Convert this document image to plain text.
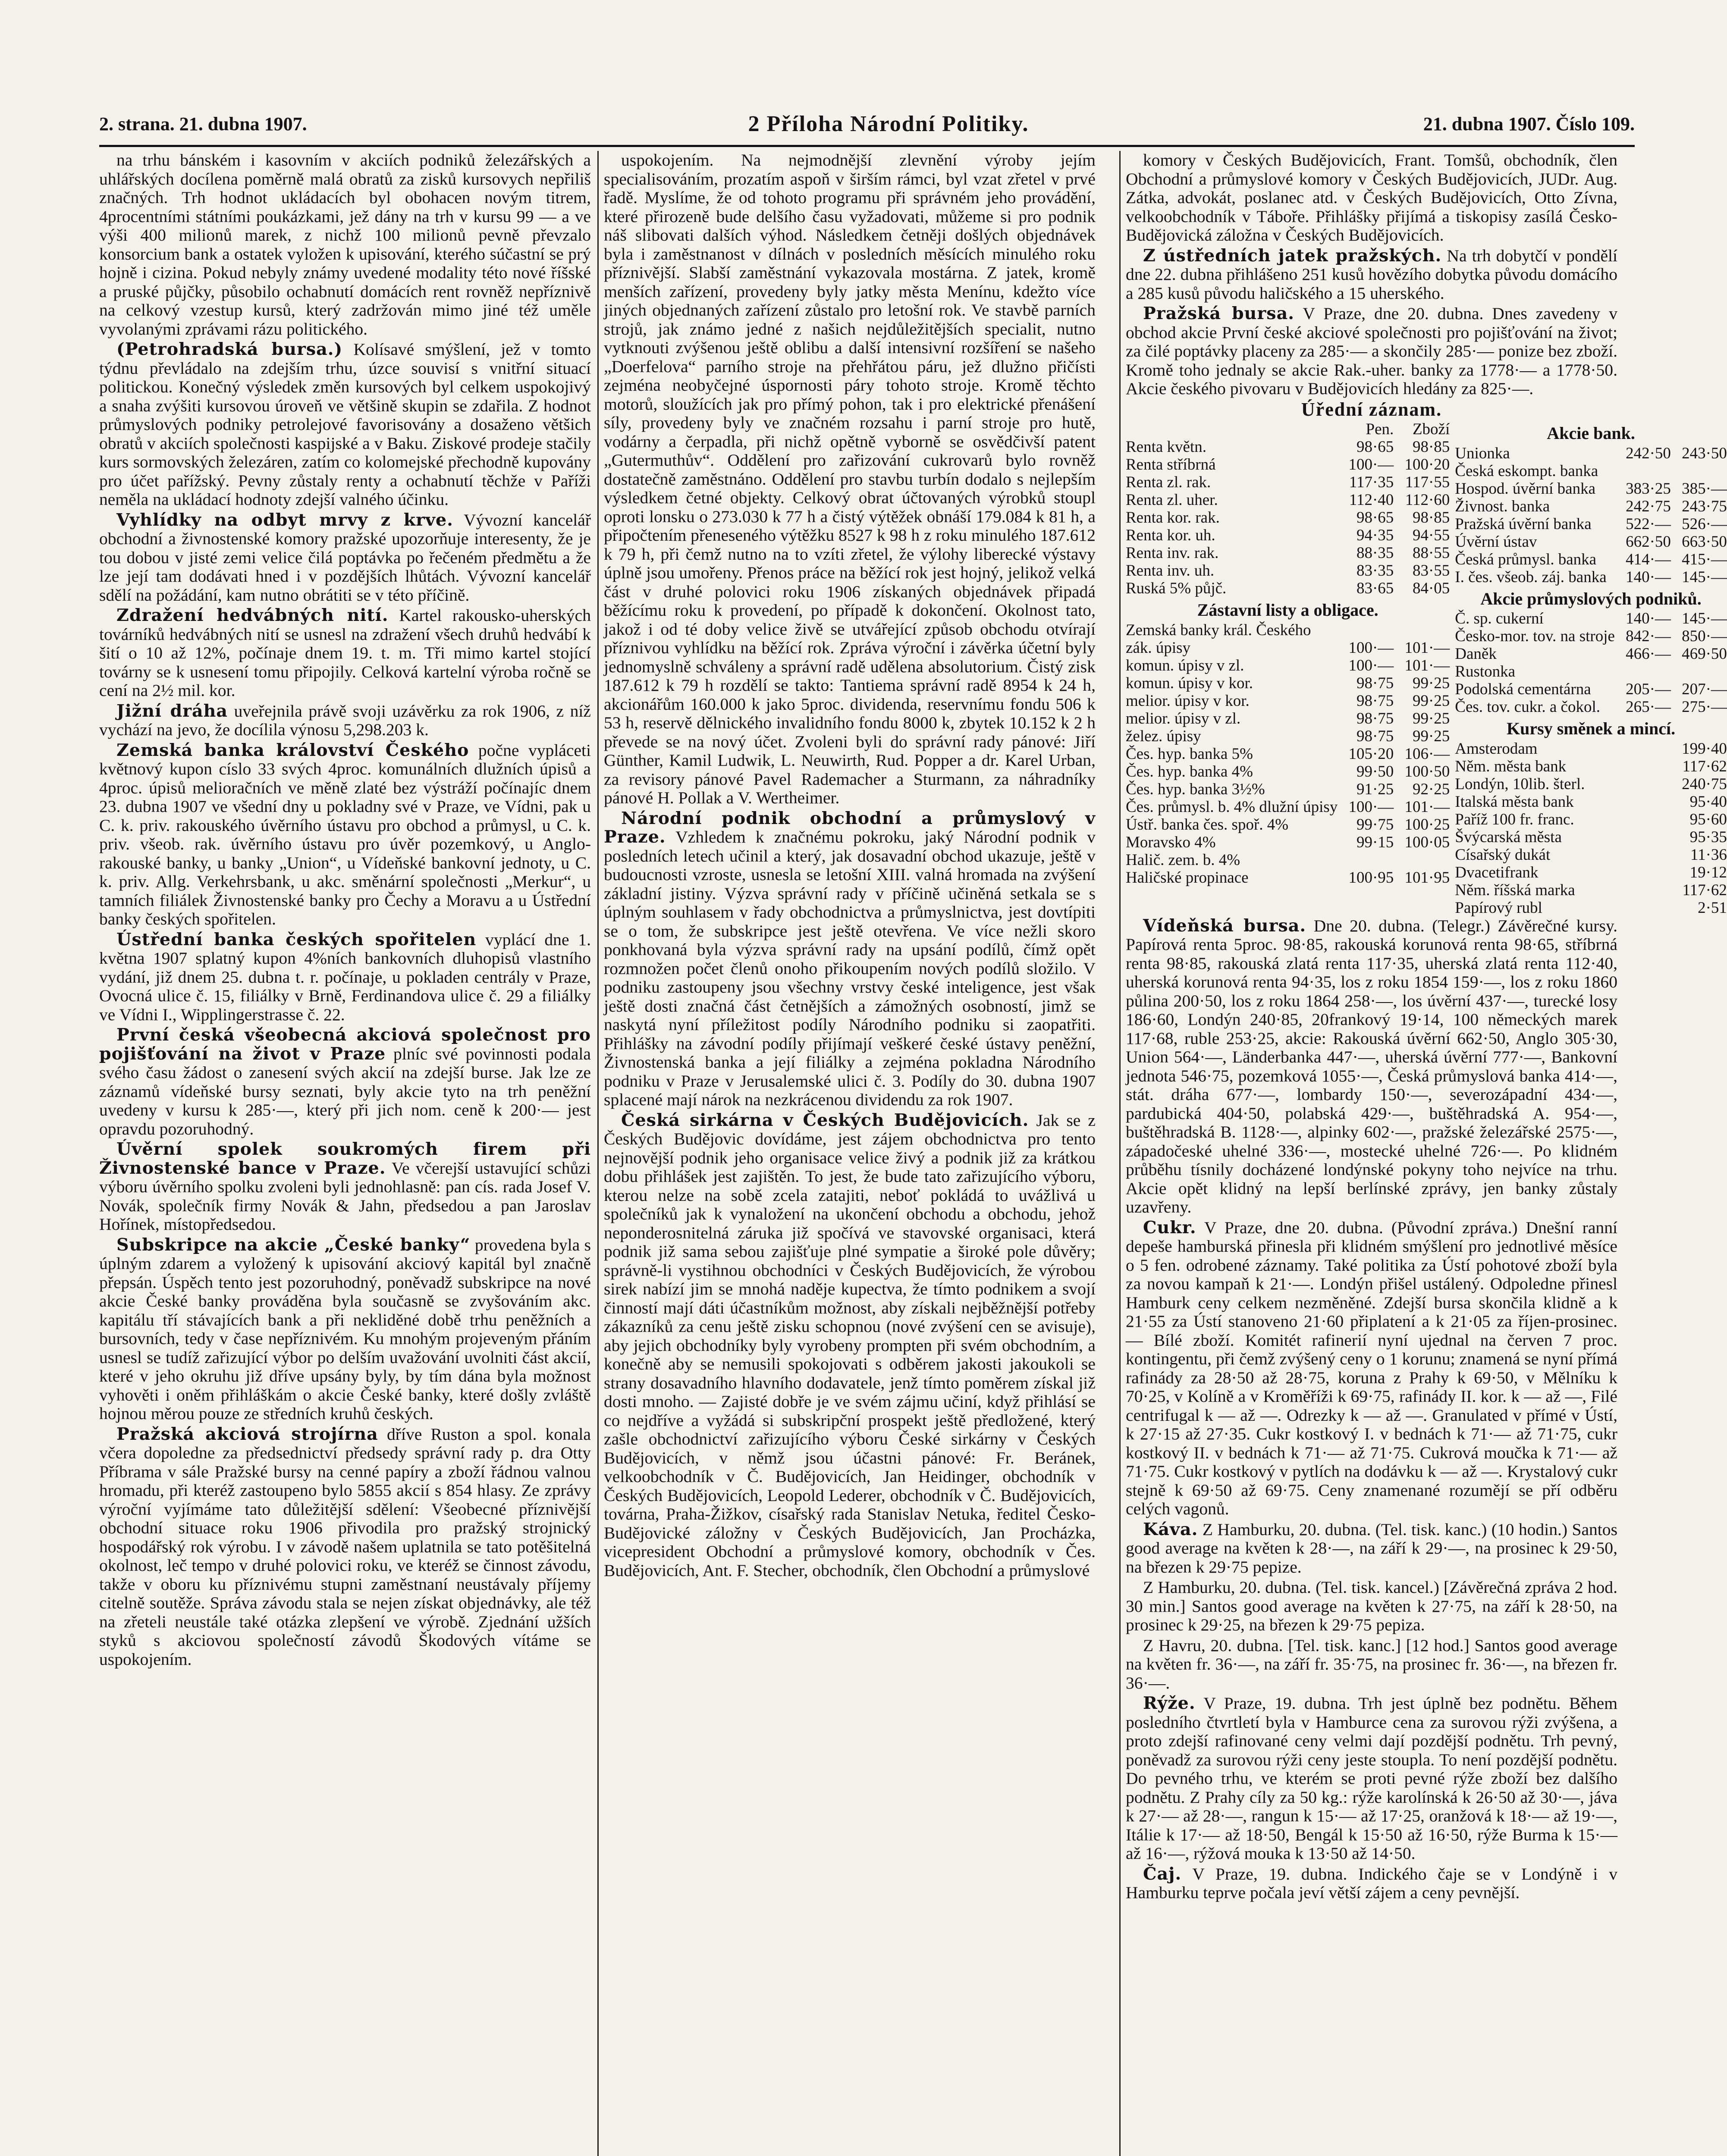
2. strana. 21. dubna 1907.	2 Příloha Národní Politiky.	21. dubna 1907. Číslo 109.

na trhu bánském i kasovním v akciích podniků železářských a uhlářských docílena poměrně malá obratů za zisků kursovych nepřiliš značných. Trh hodnot ukládacích byl obohacen novým titrem, 4procentními státními poukázkami, jež dány na trh v kursu 99 — a ve výši 400 milionů marek, z nichž 100 milionů pevně převzalo konsorcium bank a ostatek vyložen k upisování, kterého súčastní se prý hojně i cizina. Pokud nebyly známy uvedené modality této nové říšské a pruské půjčky, působilo ochabnutí domácích rent rovněž nepříznivě na celkový vzestup kursů, který zadržován mimo jiné též uměle vyvolanými zprávami rázu politického.

(Petrohradská bursa.) Kolísavé smýšlení, jež v tomto týdnu převládalo na zdejším trhu, úzce souvisí s vnitřní situací politickou. Konečný výsledek změn kursových byl celkem uspokojivý a snaha zvýšiti kursovou úroveň ve většině skupin se zdařila. Z hodnot průmyslových podniky petrolejové favorisovány a dosaženo většich obratů v akciích společnosti kaspijské a v Baku. Ziskové prodeje stačily kurs sormovských železáren, zatím co kolomejské přechodně kupovány pro účet pařížský. Pevny zůstaly renty a ochabnutí těchže v Paříži neměla na ukládací hodnoty zdejší valného účinku.

Vyhlídky na odbyt mrvy z krve. Vývozní kancelář obchodní a živnostenské komory pražské upozorňuje interesenty, že je tou dobou v jisté zemi velice čilá poptávka po řečeném předmětu a že lze její tam dodávati hned i v pozdějších lhůtách. Vývozní kancelář sdělí na požádání, kam nutno obrátiti se v této příčině.

Zdražení hedvábných nití. Kartel rakousko-uherských továrníků hedvábných nití se usnesl na zdražení všech druhů hedvábí k šití o 10 až 12%, počínaje dnem 19. t. m. Tři mimo kartel stojící továrny se k usnesení tomu připojily. Celková kartelní výroba ročně se cení na 2½ mil. kor.

Jižní dráha uveřejnila právě svoji uzávěrku za rok 1906, z níž vychází na jevo, že docílila výnosu 5,298.203 k.

Zemská banka království Českého počne vypláceti květnový kupon císlo 33 svých 4proc. komunálních dlužních úpisů a 4proc. úpisů melioračních ve měně zlaté bez výstráží počínajíc dnem 23. dubna 1907 ve všední dny u pokladny své v Praze, ve Vídni, pak u C. k. priv. rakouského úvěrního ústavu pro obchod a průmysl, u C. k. priv. všeob. rak. úvěrního ústavu pro úvěr pozemkový, u Anglo-rakouské banky, u banky „Union“, u Vídeňské bankovní jednoty, u C. k. priv. Allg. Verkehrsbank, u akc. směnární společnosti „Merkur“, u tamních filiálek Živnostenské banky pro Čechy a Moravu a u Ústřední banky českých spořitelen.

Ústřední banka českých spořitelen vyplácí dne 1. května 1907 splatný kupon 4%ních bankovních dluhopisů vlastního vydání, již dnem 25. dubna t. r. počínaje, u pokladen centrály v Praze, Ovocná ulice č. 15, filiálky v Brně, Ferdinandova ulice č. 29 a filiálky ve Vídni I., Wipplingerstrasse č. 22.

První česká všeobecná akciová společnost pro pojišťování na život v Praze plníc své povinnosti podala svého času žádost o zanesení svých akcií na zdejší burse. Jak lze ze záznamů vídeňské bursy seznati, byly akcie tyto na trh peněžní uvedeny v kursu k 285·—, který při jich nom. ceně k 200·— jest opravdu pozoruhodný.

Úvěrní spolek soukromých firem při Živnostenské bance v Praze. Ve včerejší ustavující schůzi výboru úvěrního spolku zvoleni byli jednohlasně: pan cís. rada Josef V. Novák, společník firmy Novák & Jahn, předsedou a pan Jaroslav Hořínek, místopředsedou.

Subskripce na akcie „České banky“ provedena byla s úplným zdarem a vyložený k upisování akciový kapitál byl značně přepsán. Úspěch tento jest pozoruhodný, poněvadž subskripce na nové akcie České banky prováděna byla současně se zvyšováním akc. kapitálu tří stávajících bank a při nekliděné době trhu peněžních a bursovních, tedy v čase nepříznivém. Ku mnohým projeveným přáním usnesl se tudíž zařizující výbor po delším uvažování uvolniti část akcií, které v jeho okruhu již dříve upsány byly, by tím dána byla možnost vyhověti i oněm přihláškám o akcie České banky, které došly zvláště hojnou měrou pouze ze středních kruhů českých.

Pražská akciová strojírna dříve Ruston a spol. konala včera dopoledne za předsednictví předsedy správní rady p. dra Otty Příbrama v sále Pražské bursy na cenné papíry a zboží řádnou valnou hromadu, při kteréž zastoupeno bylo 5855 akcií s 854 hlasy. Ze zprávy výroční vyjímáme tato důležitější sdělení: Všeobecné příznivější obchodní situace roku 1906 přivodila pro pražský strojnický hospodářský rok výrobu. I v závodě našem uplatnila se tato potěšitelná okolnost, leč tempo v druhé polovici roku, ve kteréž se činnost závodu, takže v oboru ku příznivému stupni zaměstnaní neustávaly příjemy citelně soutěže. Správa závodu stala se nejen získat objednávky, ale též na zřeteli neustále také otázka zlepšení ve výrobě. Zjednání užších styků s akciovou společností závodů Škodových vítáme se uspokojením.

uspokojením. Na nejmodnější zlevnění výroby jejím specialisováním, prozatím aspoň v širším rámci, byl vzat zřetel v prvé řadě. Myslíme, že od tohoto programu při správném jeho provádění, které přirozeně bude delšího času vyžadovati, můžeme si pro podnik náš slibovati dalších výhod. Následkem četněji došlých objednávek byla i zaměstnanost v dílnách v posledních měsících minulého roku příznivější. Slabší zaměstnání vykazovala mostárna. Z jatek, kromě menších zařízení, provedeny byly jatky města Menínu, kdežto více jiných objednaných zařízení zůstalo pro letošní rok. Ve stavbě parních strojů, jak známo jedné z našich nejdůležitějších specialit, nutno vytknouti zvýšenou ještě oblibu a další intensivní rozšíření se našeho „Doerfelova“ parního stroje na přehřátou páru, jež dlužno přičísti zejména neobyčejné úspornosti páry tohoto stroje. Kromě těchto motorů, sloužících jak pro přímý pohon, tak i pro elektrické přenášení síly, provedeny byly ve značném rozsahu i parní stroje pro hutě, vodárny a čerpadla, při nichž opětně vyborně se osvědčivší patent „Gutermuthův“. Oddělení pro zařizování cukrovarů bylo rovněž dostatečně zaměstnáno. Oddělení pro stavbu turbín dodalo s nejlepším výsledkem četné objekty. Celkový obrat účtovaných výrobků stoupl oproti lonsku o 273.030 k 77 h a čistý výtěžek obnáší 179.084 k 81 h, a připočtením přeneseného výtěžku 8527 k 98 h z roku minulého 187.612 k 79 h, při čemž nutno na to vzíti zřetel, že výlohy liberecké výstavy úplně jsou umořeny. Přenos práce na běžící rok jest hojný, jelikož velká část v druhé polovici roku 1906 získaných objednávek připadá běžícímu roku k provedení, po případě k dokončení. Okolnost tato, jakož i od té doby velice živě se utvářející způsob obchodu otvírají příznivou vyhlídku na běžící rok. Zpráva výroční i závěrka účetní byly jednomyslně schváleny a správní radě udělena absolutorium. Čistý zisk 187.612 k 79 h rozdělí se takto: Tantiema správní radě 8954 k 24 h, akcionářům 160.000 k jako 5proc. dividenda, reservnímu fondu 506 k 53 h, reservě dělnického invalidního fondu 8000 k, zbytek 10.152 k 2 h převede se na nový účet. Zvoleni byli do správní rady pánové: Jiří Günther, Kamil Ludwik, L. Neuwirth, Rud. Popper a dr. Karel Urban, za revisory pánové Pavel Rademacher a Sturmann, za náhradníky pánové H. Pollak a V. Wertheimer.

Národní podnik obchodní a průmyslový v Praze. Vzhledem k značnému pokroku, jaký Národní podnik v posledních letech učinil a který, jak dosavadní obchod ukazuje, ještě v budoucnosti vzroste, usnesla se letošní XIII. valná hromada na zvýšení základní jistiny. Výzva správní rady v příčině učiněná setkala se s úplným souhlasem v řady obchodnictva a průmyslnictva, jest dovtípiti se o tom, že subskripce jest ještě otevřena. Ve více nežli skoro ponkhovaná byla výzva správní rady na upsání podílů, čímž opět rozmnožen počet členů onoho přikoupením nových podílů složilo. V podniku zastoupeny jsou všechny vrstvy české inteligence, jest však ještě dosti značná část četnějších a zámožných osobností, jimž se naskytá nyní příležitost podíly Národního podniku si zaopatřiti. Přihlášky na závodní podíly přijímají veškeré české ústavy peněžní, Živnostenská banka a její filiálky a zejména pokladna Národního podniku v Praze v Jerusalemské ulici č. 3. Podíly do 30. dubna 1907 splacené mají nárok na nezkrácenou dividendu za rok 1907.

Česká sirkárna v Českých Budějovicích. Jak se z Českých Budějovic dovídáme, jest zájem obchodnictva pro tento nejnovější podnik jeho organisace velice živý a podnik již za krátkou dobu přihlášek jest zajištěn. To jest, že bude tato zařizujícího výboru, kterou nelze na sobě zcela zatajiti, neboť pokládá to uvážlivá u společníků jak k vynaložení na ukončení obchodu a obchodu, jehož neponderosnitelná záruka již spočívá ve stavovské organisaci, která podnik již sama sebou zajišťuje plné sympatie a široké pole důvěry; správně-li vystihnou obchodníci v Českých Budějovicích, že výrobou sirek nabízí jim se mnohá naděje kupectva, že tímto podnikem a svojí činností mají dáti účastníkům možnost, aby získali nejběžnější potřeby zákazníků za cenu ještě zisku schopnou (nové zvýšení cen se avisuje), aby jejich obchodníky byly vyrobeny prompten při svém obchodním, a konečně aby se nemusili spokojovati s odběrem jakosti jakoukoli se strany dosavadního hlavního dodavatele, jenž tímto poměrem získal již dosti mnoho. — Zajisté dobře je ve svém zájmu učiní, když přihlásí se co nejdříve a vyžádá si subskripční prospekt ještě předložené, který zašle obchodnictví zařizujícího výboru České sirkárny v Českých Budějovicích, v němž jsou účastni pánové: Fr. Beránek, velkoobchodník v Č. Budějovicích, Jan Heidinger, obchodník v Českých Budějovicích, Leopold Lederer, obchodník v Č. Budějovicích, továrna, Praha-Žižkov, císařský rada Stanislav Netuka, ředitel Česko-Budějovické záložny v Českých Budějovicích, Jan Procházka, vicepresident Obchodní a průmyslové komory, obchodník v Čes. Budějovicích, Ant. F. Stecher, obchodník, člen Obchodní a průmyslové

komory v Českých Budějovicích, Frant. Tomšů, obchodník, člen Obchodní a průmyslové komory v Českých Budějovicích, JUDr. Aug. Zátka, advokát, poslanec atd. v Českých Budějovicích, Otto Zívna, velkoobchodník v Táboře. Přihlášky přijímá a tiskopisy zasílá Česko-Budějovická záložna v Českých Budějovicích.

Z ústředních jatek pražských. Na trh dobytčí v pondělí dne 22. dubna přihlášeno 251 kusů hovězího dobytka původu domácího a 285 kusů původu haličského a 15 uherského.

Pražská bursa. V Praze, dne 20. dubna. Dnes zavedeny v obchod akcie První české akciové společnosti pro pojišťování na život; za čilé poptávky placeny za 285·— a skončily 285·— ponize bez zboží. Kromě toho jednaly se akcie Rak.-uher. banky za 1778·— a 1778·50. Akcie českého pivovaru v Budějovicích hledány za 825·—.

Úřední záznam.
Pen.	Zboží
Renta květn.	98·65	98·85
Renta stříbrná	100·— 100·20
Renta zl. rak.	117·35 117·55
Renta zl. uher.	112·40 112·60
Renta kor. rak.	98·65	98·85
Renta kor. uh.	94·35	94·55
Renta inv. rak.	88·35	88·55
Renta inv. uh.	83·35	83·55
Ruská 5% půjč.	83·65	84·05
Zástavní listy a obligace.
Zemská banky král. Českého
zák. úpisy	100·— 101·—
komun. úpisy v zl.	100·— 101·—
komun. úpisy v kor.	98·75	99·25
melior. úpisy v kor.	98·75	99·25
melior. úpisy v zl.	98·75	99·25
želez. úpisy	98·75	99·25
Čes. hyp. banka 5%	105·20 106·—
Čes. hyp. banka 4%	99·50 100·50
Čes. hyp. banka 3½%	91·25	92·25
Čes. průmysl. b. 4% dlužní úpisy 100·— 101·—
Ústř. banka čes. spoř. 4%	99·75 100·25
Moravsko 4%	99·15 100·05
Halič. zem. b. 4%
Haličské propinace	100·95 101·95
Akcie bank.
Unionka	242·50 243·50
Česká eskompt. banka
Hospod. úvěrní banka	383·25 385·—
Živnost. banka	242·75 243·75
Pražská úvěrní banka	522·— 526·—
Úvěrní ústav	662·50 663·50
Česká průmysl. banka	414·— 415·—
I. čes. všeob. záj. banka	140·— 145·—
Akcie průmyslových podniků.
Č. sp. cukerní	140·— 145·—
Česko-mor. tov. na stroje 842·— 850·—
Daněk	466·— 469·50
Rustonka
Podolská cementárna	205·— 207·—
Čes. tov. cukr. a čokol.	265·— 275·—
Kursy směnek a mincí.
Amsterodam	199·40
Něm. města bank	117·62
Londýn, 10lib. šterl.	240·75
Italská města bank	95·40
Paříž 100 fr. franc.	95·60
Švýcarská města	95·35
Císařský dukát	11·36
Dvacetifrank	19·12
Něm. říšská marka	117·62
Papírový rubl	2·51

Vídeňská bursa. Dne 20. dubna. (Telegr.) Závěrečné kursy. Papírová renta 5proc. 98·85, rakouská korunová renta 98·65, stříbrná renta 98·85, rakouská zlatá renta 117·35, uherská zlatá renta 112·40, uherská korunová renta 94·35, los z roku 1854 159·—, los z roku 1860 půlina 200·50, los z roku 1864 258·—, los úvěrní 437·—, turecké losy 186·60, Londýn 240·85, 20frankový 19·14, 100 německých marek 117·68, ruble 253·25, akcie: Rakouská úvěrní 662·50, Anglo 305·30, Union 564·—, Länderbanka 447·—, uherská úvěrní 777·—, Bankovní jednota 546·75, pozemková 1055·—, Česká průmyslová banka 414·—, stát. dráha 677·—, lombardy 150·—, severozápadní 434·—, pardubická 404·50, polabská 429·—, buštěhradská A. 954·—, buštěhradská B. 1128·—, alpinky 602·—, pražské železářské 2575·—, západočeské uhelné 336·—, mostecké uhelné 726·—. Po klidném průběhu tísnily docházené londýnské pokyny toho nejvíce na trhu. Akcie opět klidný na lepší berlínské zprávy, jen banky zůstaly uzavřeny.

Cukr. V Praze, dne 20. dubna. (Původní zpráva.) Dnešní ranní depeše hamburská přinesla při klidném smýšlení pro jednotlivé měsíce o 5 fen. odrobené záznamy. Také politika za Ústí pohotové zboží byla za novou kampaň k 21·—. Londýn přišel ustálený. Odpoledne přinesl Hamburk ceny celkem nezměněné. Zdejší bursa skončila klidně a k 21·55 za Ústí stanoveno 21·60 připlatení a k 21·05 za říjen-prosinec. — Bílé zboží. Komitét rafinerií nyní ujednal na červen 7 proc. kontingentu, při čemž zvýšený ceny o 1 korunu; znamená se nyní přímá rafinády za 28·50 až 28·75, koruna z Prahy k 69·50, v Mělníku k 70·25, v Kolíně a v Kroměříži k 69·75, rafinády II. kor. k — až —, Filé centrifugal k — až —. Odrezky k — až —. Granulated v přímé v Ústí, k 27·15 až 27·35. Cukr kostkový I. v bednách k 71·— až 71·75, cukr kostkový II. v bednách k 71·— až 71·75. Cukrová moučka k 71·— až 71·75. Cukr kostkový v pytlích na dodávku k — až —. Krystalový cukr stejně k 69·50 až 69·75. Ceny znamenané rozumějí se pří odběru celých vagonů.

Káva. Z Hamburku, 20. dubna. (Tel. tisk. kanc.) (10 hodin.) Santos good average na květen k 28·—, na září k 29·—, na prosinec k 29·50, na březen k 29·75 pepize.

Z Hamburku, 20. dubna. (Tel. tisk. kancel.) [Závěrečná zpráva 2 hod. 30 min.] Santos good average na květen k 27·75, na září k 28·50, na prosinec k 29·25, na březen k 29·75 pepiza.

Z Havru, 20. dubna. [Tel. tisk. kanc.] [12 hod.] Santos good average na květen fr. 36·—, na září fr. 35·75, na prosinec fr. 36·—, na březen fr. 36·—.

Rýže. V Praze, 19. dubna. Trh jest úplně bez podnětu. Během posledního čtvrtletí byla v Hamburce cena za surovou rýži zvýšena, a proto zdejší rafinované ceny velmi dají pozdější podnětu. Trh pevný, poněvadž za surovou rýži ceny jeste stoupla. To není pozdější podnětu. Do pevného trhu, ve kterém se proti pevné rýže zboží bez dalšího podnětu. Z Prahy cíly za 50 kg.: rýže karolínská k 26·50 až 30·—, jáva k 27·— až 28·—, rangun k 15·— až 17·25, oranžová k 18·— až 19·—, Itálie k 17·— až 18·50, Bengál k 15·50 až 16·50, rýže Burma k 15·— až 16·—, rýžová mouka k 13·50 až 14·50.

Čaj. V Praze, 19. dubna. Indického čaje se v Londýně i v Hamburku teprve počala jeví větší zájem a ceny pevnější.
